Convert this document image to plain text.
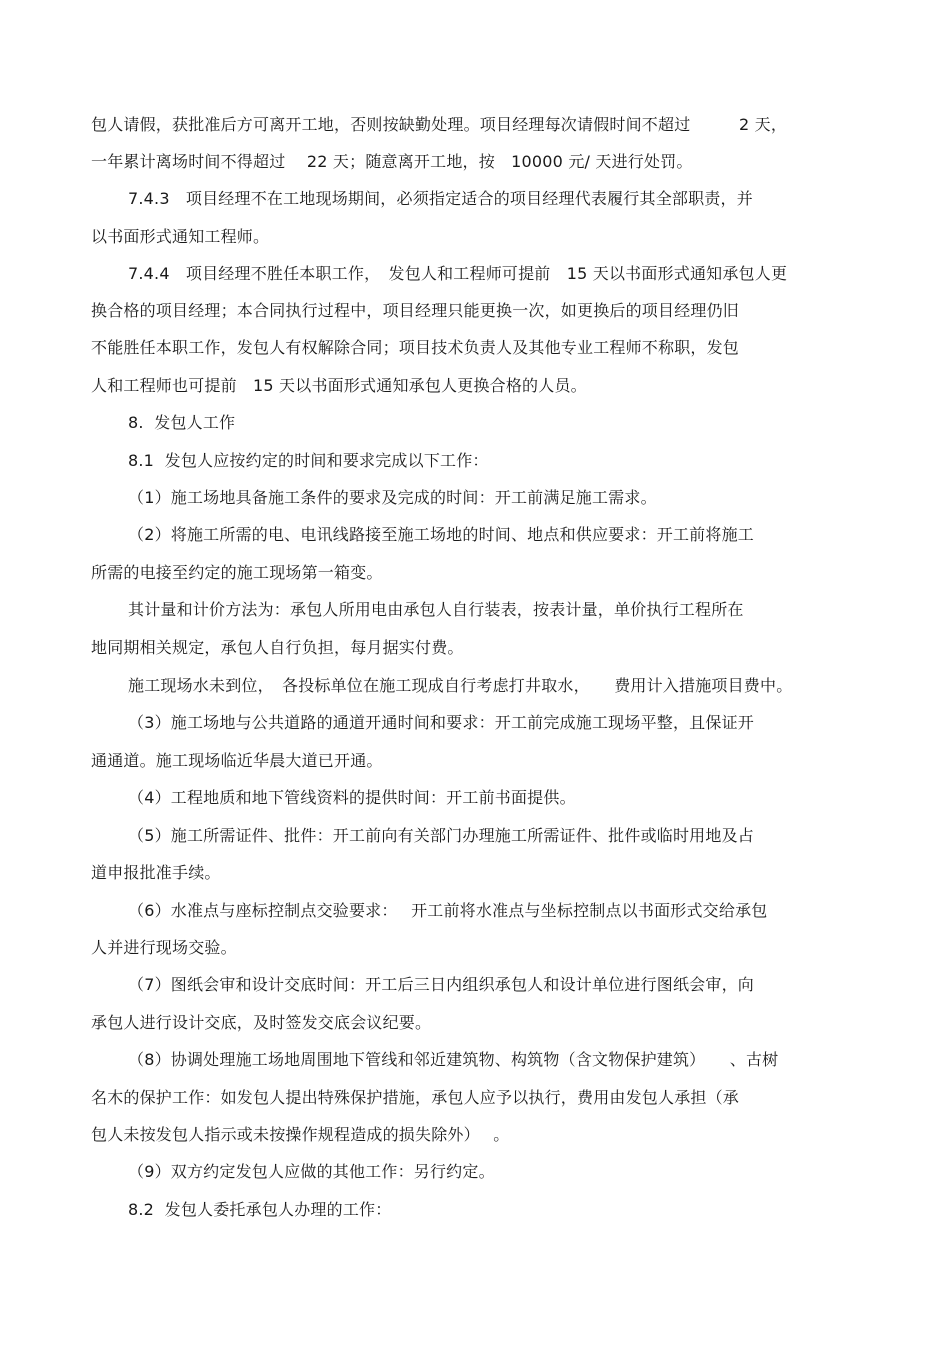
包人请假，获批准后方可离开工地，否则按缺勤处理。项目经理每次请假时间不超过　　　2 天，
一年累计离场时间不得超过　 22 天；随意离开工地，按　10000 元/ 天进行处罚。
7.4.3　项目经理不在工地现场期间，必须指定适合的项目经理代表履行其全部职责，并
以书面形式通知工程师。
7.4.4　项目经理不胜任本职工作，　发包人和工程师可提前　15 天以书面形式通知承包人更
换合格的项目经理；本合同执行过程中，项目经理只能更换一次，如更换后的项目经理仍旧
不能胜任本职工作，发包人有权解除合同；项目技术负责人及其他专业工程师不称职，发包
人和工程师也可提前　15 天以书面形式通知承包人更换合格的人员。
8.  发包人工作
8.1  发包人应按约定的时间和要求完成以下工作：
（1）施工场地具备施工条件的要求及完成的时间：开工前满足施工需求。
（2）将施工所需的电、电讯线路接至施工场地的时间、地点和供应要求：开工前将施工
所需的电接至约定的施工现场第一箱变。
其计量和计价方法为：承包人所用电由承包人自行装表，按表计量，单价执行工程所在
地同期相关规定，承包人自行负担，每月据实付费。
施工现场水未到位，　各投标单位在施工现成自行考虑打井取水，　　费用计入措施项目费中。
（3）施工场地与公共道路的通道开通时间和要求：开工前完成施工现场平整，且保证开
通通道。施工现场临近华晨大道已开通。
（4）工程地质和地下管线资料的提供时间：开工前书面提供。
（5）施工所需证件、批件：开工前向有关部门办理施工所需证件、批件或临时用地及占
道申报批准手续。
（6）水准点与座标控制点交验要求：　 开工前将水准点与坐标控制点以书面形式交给承包
人并进行现场交验。
（7）图纸会审和设计交底时间：开工后三日内组织承包人和设计单位进行图纸会审，向
承包人进行设计交底，及时签发交底会议纪要。
（8）协调处理施工场地周围地下管线和邻近建筑物、构筑物（含文物保护建筑）　　、古树
名木的保护工作：如发包人提出特殊保护措施，承包人应予以执行，费用由发包人承担（承
包人未按发包人指示或未按操作规程造成的损失除外）　 。
（9）双方约定发包人应做的其他工作：另行约定。
8.2  发包人委托承包人办理的工作：
